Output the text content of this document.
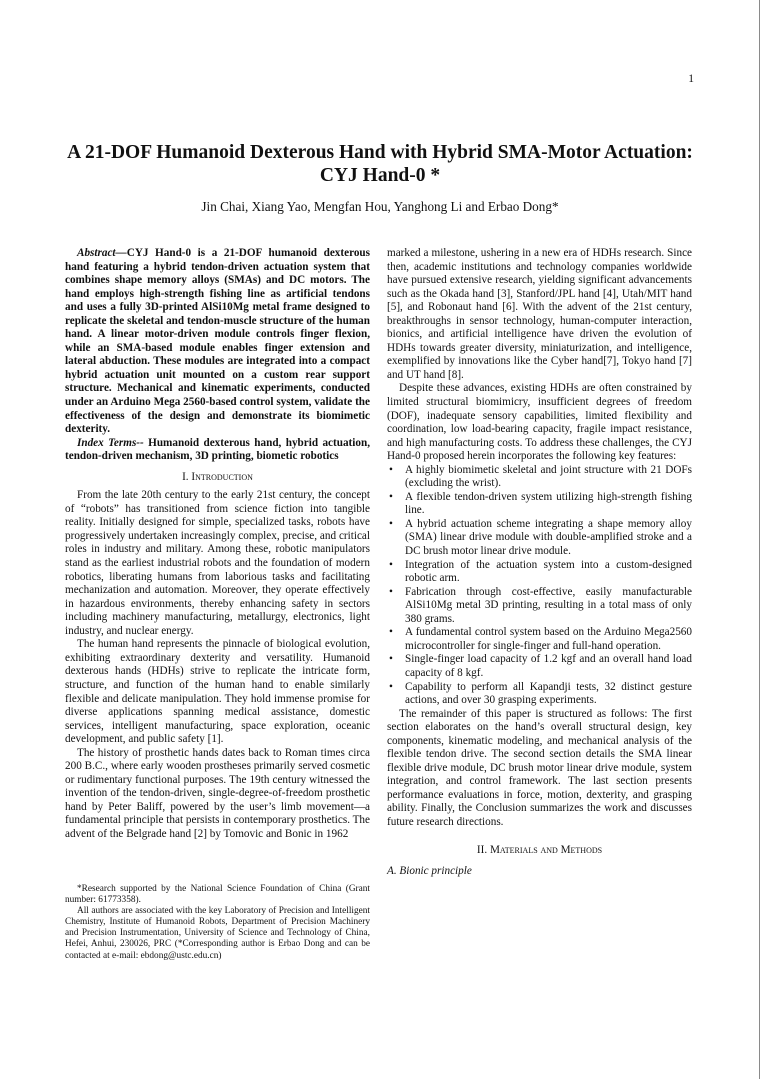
1
A 21-DOF Humanoid Dexterous Hand with Hybrid SMA-Motor Actuation: CYJ Hand-0 *
Jin Chai, Xiang Yao, Mengfan Hou, Yanghong Li and Erbao Dong*

Abstract—CYJ Hand-0 is a 21-DOF humanoid dexterous hand featuring a hybrid tendon-driven actuation system that combines shape memory alloys (SMAs) and DC motors. The hand employs high-strength fishing line as artificial tendons and uses a fully 3D-printed AlSi10Mg metal frame designed to replicate the skeletal and tendon-muscle structure of the human hand. A linear motor-driven module controls finger flexion, while an SMA-based module enables finger extension and lateral abduction. These modules are integrated into a compact hybrid actuation unit mounted on a custom rear support structure. Mechanical and kinematic experiments, conducted under an Arduino Mega 2560-based control system, validate the effectiveness of the design and demonstrate its biomimetic dexterity.

Index Terms-- Humanoid dexterous hand, hybrid actuation, tendon-driven mechanism, 3D printing, biometic robotics

I. Introduction

From the late 20th century to the early 21st century, the concept of “robots” has transitioned from science fiction into tangible reality. Initially designed for simple, specialized tasks, robots have progressively undertaken increasingly complex, precise, and critical roles in industry and military. Among these, robotic manipulators stand as the earliest industrial robots and the foundation of modern robotics, liberating humans from laborious tasks and facilitating mechanization and automation. Moreover, they operate effectively in hazardous environments, thereby enhancing safety in sectors including machinery manufacturing, metallurgy, electronics, light industry, and nuclear energy.

The human hand represents the pinnacle of biological evolution, exhibiting extraordinary dexterity and versatility. Humanoid dexterous hands (HDHs) strive to replicate the intricate form, structure, and function of the human hand to enable similarly flexible and delicate manipulation. They hold immense promise for diverse applications spanning medical assistance, domestic services, intelligent manufacturing, space exploration, oceanic development, and public safety [1].

The history of prosthetic hands dates back to Roman times circa 200 B.C., where early wooden prostheses primarily served cosmetic or rudimentary functional purposes. The 19th century witnessed the invention of the tendon-driven, single-degree-of-freedom prosthetic hand by Peter Baliff, powered by the user’s limb movement—a fundamental principle that persists in contemporary prosthetics. The advent of the Belgrade hand [2] by Tomovic and Bonic in 1962

*Research supported by the National Science Foundation of China (Grant number: 61773358).

All authors are associated with the key Laboratory of Precision and Intelligent Chemistry, Institute of Humanoid Robots, Department of Precision Machinery and Precision Instrumentation, University of Science and Technology of China, Hefei, Anhui, 230026, PRC (*Corresponding author is Erbao Dong and can be contacted at e-mail: ebdong@ustc.edu.cn)

marked a milestone, ushering in a new era of HDHs research. Since then, academic institutions and technology companies worldwide have pursued extensive research, yielding significant advancements such as the Okada hand [3], Stanford/JPL hand [4], Utah/MIT hand [5], and Robonaut hand [6]. With the advent of the 21st century, breakthroughs in sensor technology, human-computer interaction, bionics, and artificial intelligence have driven the evolution of HDHs towards greater diversity, miniaturization, and intelligence, exemplified by innovations like the Cyber hand[7], Tokyo hand [7] and UT hand [8].

Despite these advances, existing HDHs are often constrained by limited structural biomimicry, insufficient degrees of freedom (DOF), inadequate sensory capabilities, limited flexibility and coordination, low load-bearing capacity, fragile impact resistance, and high manufacturing costs. To address these challenges, the CYJ Hand-0 proposed herein incorporates the following key features:

• A highly biomimetic skeletal and joint structure with 21 DOFs (excluding the wrist).
• A flexible tendon-driven system utilizing high-strength fishing line.
• A hybrid actuation scheme integrating a shape memory alloy (SMA) linear drive module with double-amplified stroke and a DC brush motor linear drive module.
• Integration of the actuation system into a custom-designed robotic arm.
• Fabrication through cost-effective, easily manufacturable AlSi10Mg metal 3D printing, resulting in a total mass of only 380 grams.
• A fundamental control system based on the Arduino Mega2560 microcontroller for single-finger and full-hand operation.
• Single-finger load capacity of 1.2 kgf and an overall hand load capacity of 8 kgf.
• Capability to perform all Kapandji tests, 32 distinct gesture actions, and over 30 grasping experiments.

The remainder of this paper is structured as follows: The first section elaborates on the hand’s overall structural design, key components, kinematic modeling, and mechanical analysis of the flexible tendon drive. The second section details the SMA linear flexible drive module, DC brush motor linear drive module, system integration, and control framework. The last section presents performance evaluations in force, motion, dexterity, and grasping ability. Finally, the Conclusion summarizes the work and discusses future research directions.

II. Materials and Methods

A. Bionic principle
